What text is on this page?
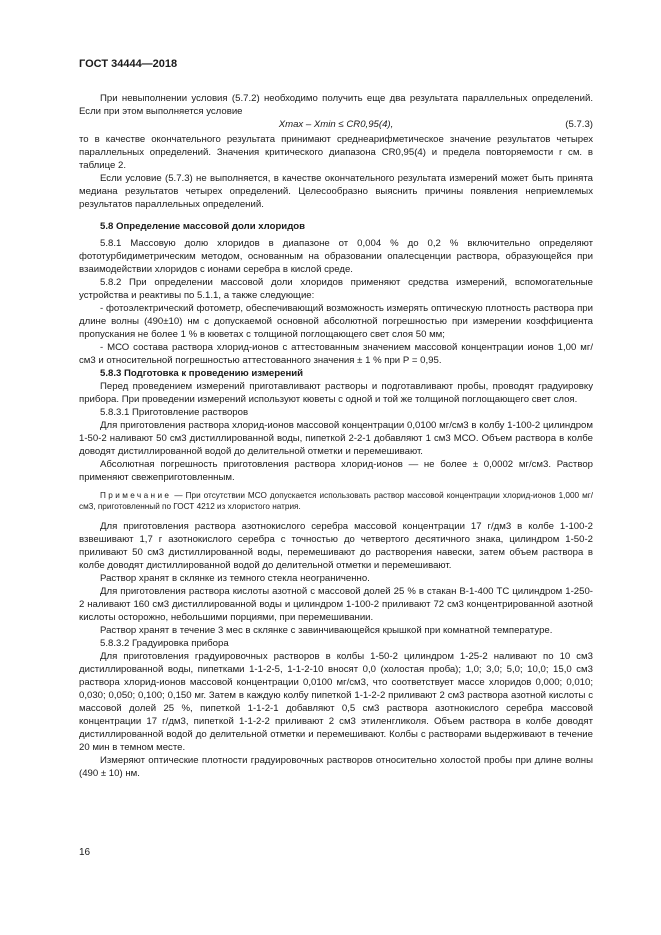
ГОСТ 34444—2018

При невыполнении условия (5.7.2) необходимо получить еще два результата параллельных определений. Если при этом выполняется условие

Xmax – Xmin ≤ CR0,95(4),	(5.7.3)

то в качестве окончательного результата принимают среднеарифметическое значение результатов четырех параллельных определений. Значения критического диапазона CR0,95(4) и предела повторяемости r см. в таблице 2.

Если условие (5.7.3) не выполняется, в качестве окончательного результата измерений может быть принята медиана результатов четырех определений. Целесообразно выяснить причины появления неприемлемых результатов параллельных определений.

5.8 Определение массовой доли хлоридов

5.8.1 Массовую долю хлоридов в диапазоне от 0,004 % до 0,2 % включительно определяют фототурбидиметрическим методом, основанным на образовании опалесценции раствора, образующейся при взаимодействии хлоридов с ионами серебра в кислой среде.

5.8.2 При определении массовой доли хлоридов применяют средства измерений, вспомогательные устройства и реактивы по 5.1.1, а также следующие:

- фотоэлектрический фотометр, обеспечивающий возможность измерять оптическую плотность раствора при длине волны (490±10) нм с допускаемой основной абсолютной погрешностью при измерении коэффициента пропускания не более 1 % в кюветах с толщиной поглощающего свет слоя 50 мм;

- МСО состава раствора хлорид-ионов с аттестованным значением массовой концентрации ионов 1,00 мг/см3 и относительной погрешностью аттестованного значения ± 1 % при Р = 0,95.

5.8.3 Подготовка к проведению измерений

Перед проведением измерений приготавливают растворы и подготавливают пробы, проводят градуировку прибора. При проведении измерений используют кюветы с одной и той же толщиной поглощающего свет слоя.

5.8.3.1 Приготовление растворов

Для приготовления раствора хлорид-ионов массовой концентрации 0,0100 мг/см3 в колбу 1-100-2 цилиндром 1-50-2 наливают 50 см3 дистиллированной воды, пипеткой 2-2-1 добавляют 1 см3 МСО. Объем раствора в колбе доводят дистиллированной водой до делительной отметки и перемешивают.

Абсолютная погрешность приготовления раствора хлорид-ионов — не более ± 0,0002 мг/см3. Раствор применяют свежеприготовленным.

Примечание — При отсутствии МСО допускается использовать раствор массовой концентрации хлорид-ионов 1,000 мг/см3, приготовленный по ГОСТ 4212 из хлористого натрия.

Для приготовления раствора азотнокислого серебра массовой концентрации 17 г/дм3 в колбе 1-100-2 взвешивают 1,7 г азотнокислого серебра с точностью до четвертого десятичного знака, цилиндром 1-50-2 приливают 50 см3 дистиллированной воды, перемешивают до растворения навески, затем объем раствора в колбе доводят дистиллированной водой до делительной отметки и перемешивают.

Раствор хранят в склянке из темного стекла неограниченно.

Для приготовления раствора кислоты азотной с массовой долей 25 % в стакан В-1-400 ТС цилиндром 1-250-2 наливают 160 см3 дистиллированной воды и цилиндром 1-100-2 приливают 72 см3 концентрированной азотной кислоты осторожно, небольшими порциями, при перемешивании.

Раствор хранят в течение 3 мес в склянке с завинчивающейся крышкой при комнатной температуре.

5.8.3.2 Градуировка прибора

Для приготовления градуировочных растворов в колбы 1-50-2 цилиндром 1-25-2 наливают по 10 см3 дистиллированной воды, пипетками 1-1-2-5, 1-1-2-10 вносят 0,0 (холостая проба); 1,0; 3,0; 5,0; 10,0; 15,0 см3 раствора хлорид-ионов массовой концентрации 0,0100 мг/см3, что соответствует массе хлоридов 0,000; 0,010; 0,030; 0,050; 0,100; 0,150 мг. Затем в каждую колбу пипеткой 1-1-2-2 приливают 2 см3 раствора азотной кислоты с массовой долей 25 %, пипеткой 1-1-2-1 добавляют 0,5 см3 раствора азотнокислого серебра массовой концентрации 17 г/дм3, пипеткой 1-1-2-2 приливают 2 см3 этиленгликоля. Объем раствора в колбе доводят дистиллированной водой до делительной отметки и перемешивают. Колбы с растворами выдерживают в течение 20 мин в темном месте.

Измеряют оптические плотности градуировочных растворов относительно холостой пробы при длине волны (490 ± 10) нм.

16
